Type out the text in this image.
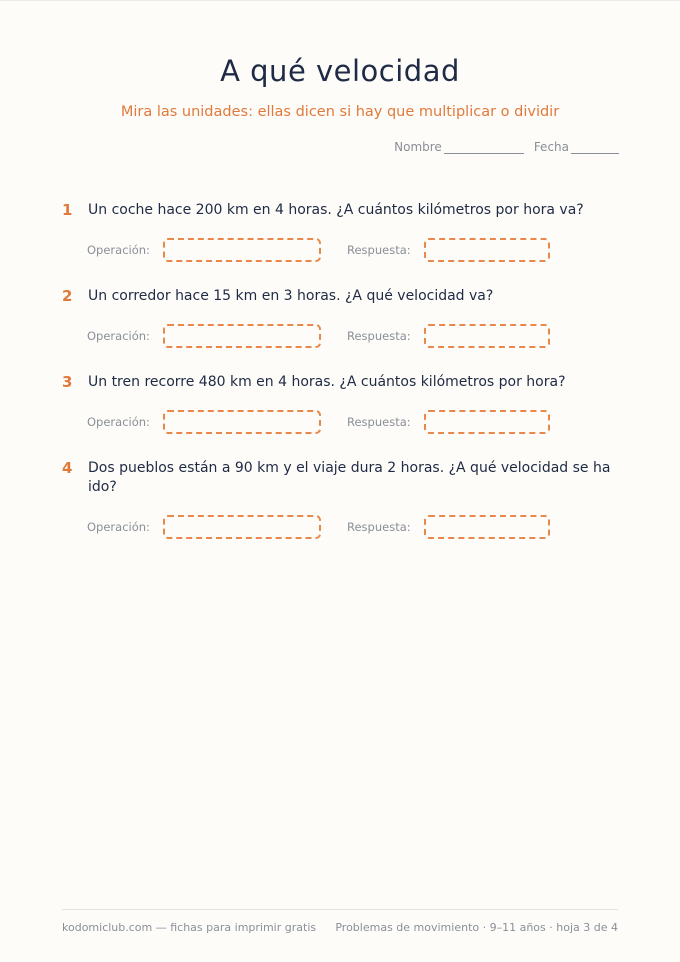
A qué velocidad
Mira las unidades: ellas dicen si hay que multiplicar o dividir
Nombre	Fecha
1	Un coche hace 200 km en 4 horas. ¿A cuántos kilómetros por hora va?
Operación:	Respuesta:
2	Un corredor hace 15 km en 3 horas. ¿A qué velocidad va?
Operación:	Respuesta:
3	Un tren recorre 480 km en 4 horas. ¿A cuántos kilómetros por hora?
Operación:	Respuesta:
4	Dos pueblos están a 90 km y el viaje dura 2 horas. ¿A qué velocidad se ha ido?
Operación:	Respuesta:
kodomiclub.com — fichas para imprimir gratis Problemas de movimiento · 9–11 años · hoja 3 de 4
